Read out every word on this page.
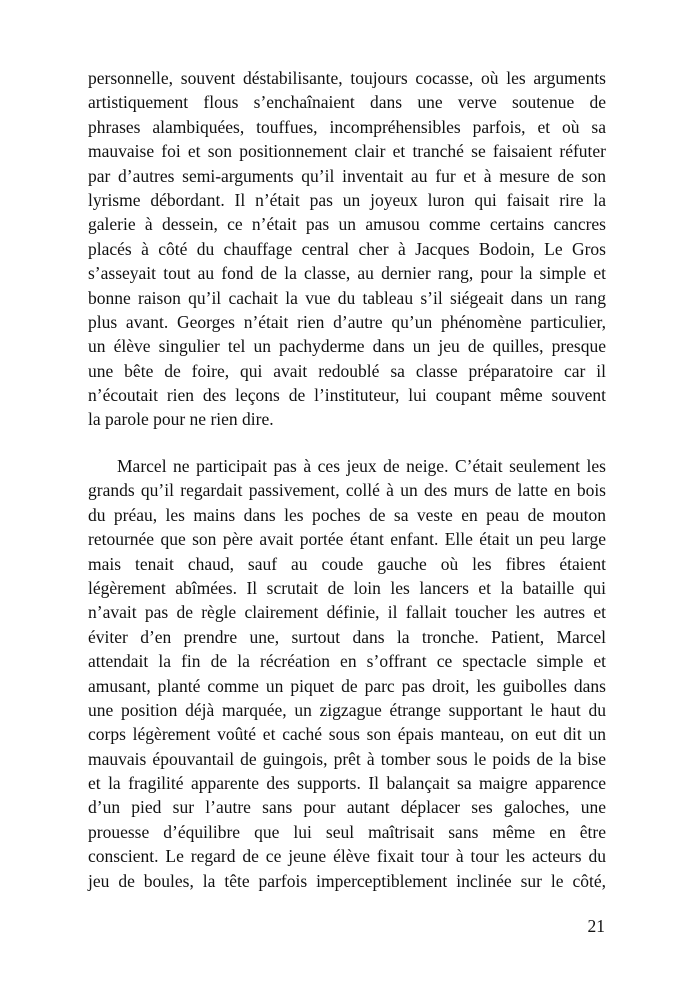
personnelle, souvent déstabilisante, toujours cocasse, où les arguments
artistiquement flous s’enchaînaient dans une verve soutenue de
phrases alambiquées, touffues, incompréhensibles parfois, et où sa
mauvaise foi et son positionnement clair et tranché se faisaient réfuter
par d’autres semi-arguments qu’il inventait au fur et à mesure de son
lyrisme débordant. Il n’était pas un joyeux luron qui faisait rire la
galerie à dessein, ce n’était pas un amusou comme certains cancres
placés à côté du chauffage central cher à Jacques Bodoin, Le Gros
s’asseyait tout au fond de la classe, au dernier rang, pour la simple et
bonne raison qu’il cachait la vue du tableau s’il siégeait dans un rang
plus avant. Georges n’était rien d’autre qu’un phénomène particulier,
un élève singulier tel un pachyderme dans un jeu de quilles, presque
une bête de foire, qui avait redoublé sa classe préparatoire car il
n’écoutait rien des leçons de l’instituteur, lui coupant même souvent
la parole pour ne rien dire.
Marcel ne participait pas à ces jeux de neige. C’était seulement les
grands qu’il regardait passivement, collé à un des murs de latte en bois
du préau, les mains dans les poches de sa veste en peau de mouton
retournée que son père avait portée étant enfant. Elle était un peu large
mais tenait chaud, sauf au coude gauche où les fibres étaient
légèrement abîmées. Il scrutait de loin les lancers et la bataille qui
n’avait pas de règle clairement définie, il fallait toucher les autres et
éviter d’en prendre une, surtout dans la tronche. Patient, Marcel
attendait la fin de la récréation en s’offrant ce spectacle simple et
amusant, planté comme un piquet de parc pas droit, les guibolles dans
une position déjà marquée, un zigzague étrange supportant le haut du
corps légèrement voûté et caché sous son épais manteau, on eut dit un
mauvais épouvantail de guingois, prêt à tomber sous le poids de la bise
et la fragilité apparente des supports. Il balançait sa maigre apparence
d’un pied sur l’autre sans pour autant déplacer ses galoches, une
prouesse d’équilibre que lui seul maîtrisait sans même en être
conscient. Le regard de ce jeune élève fixait tour à tour les acteurs du
jeu de boules, la tête parfois imperceptiblement inclinée sur le côté,
21
